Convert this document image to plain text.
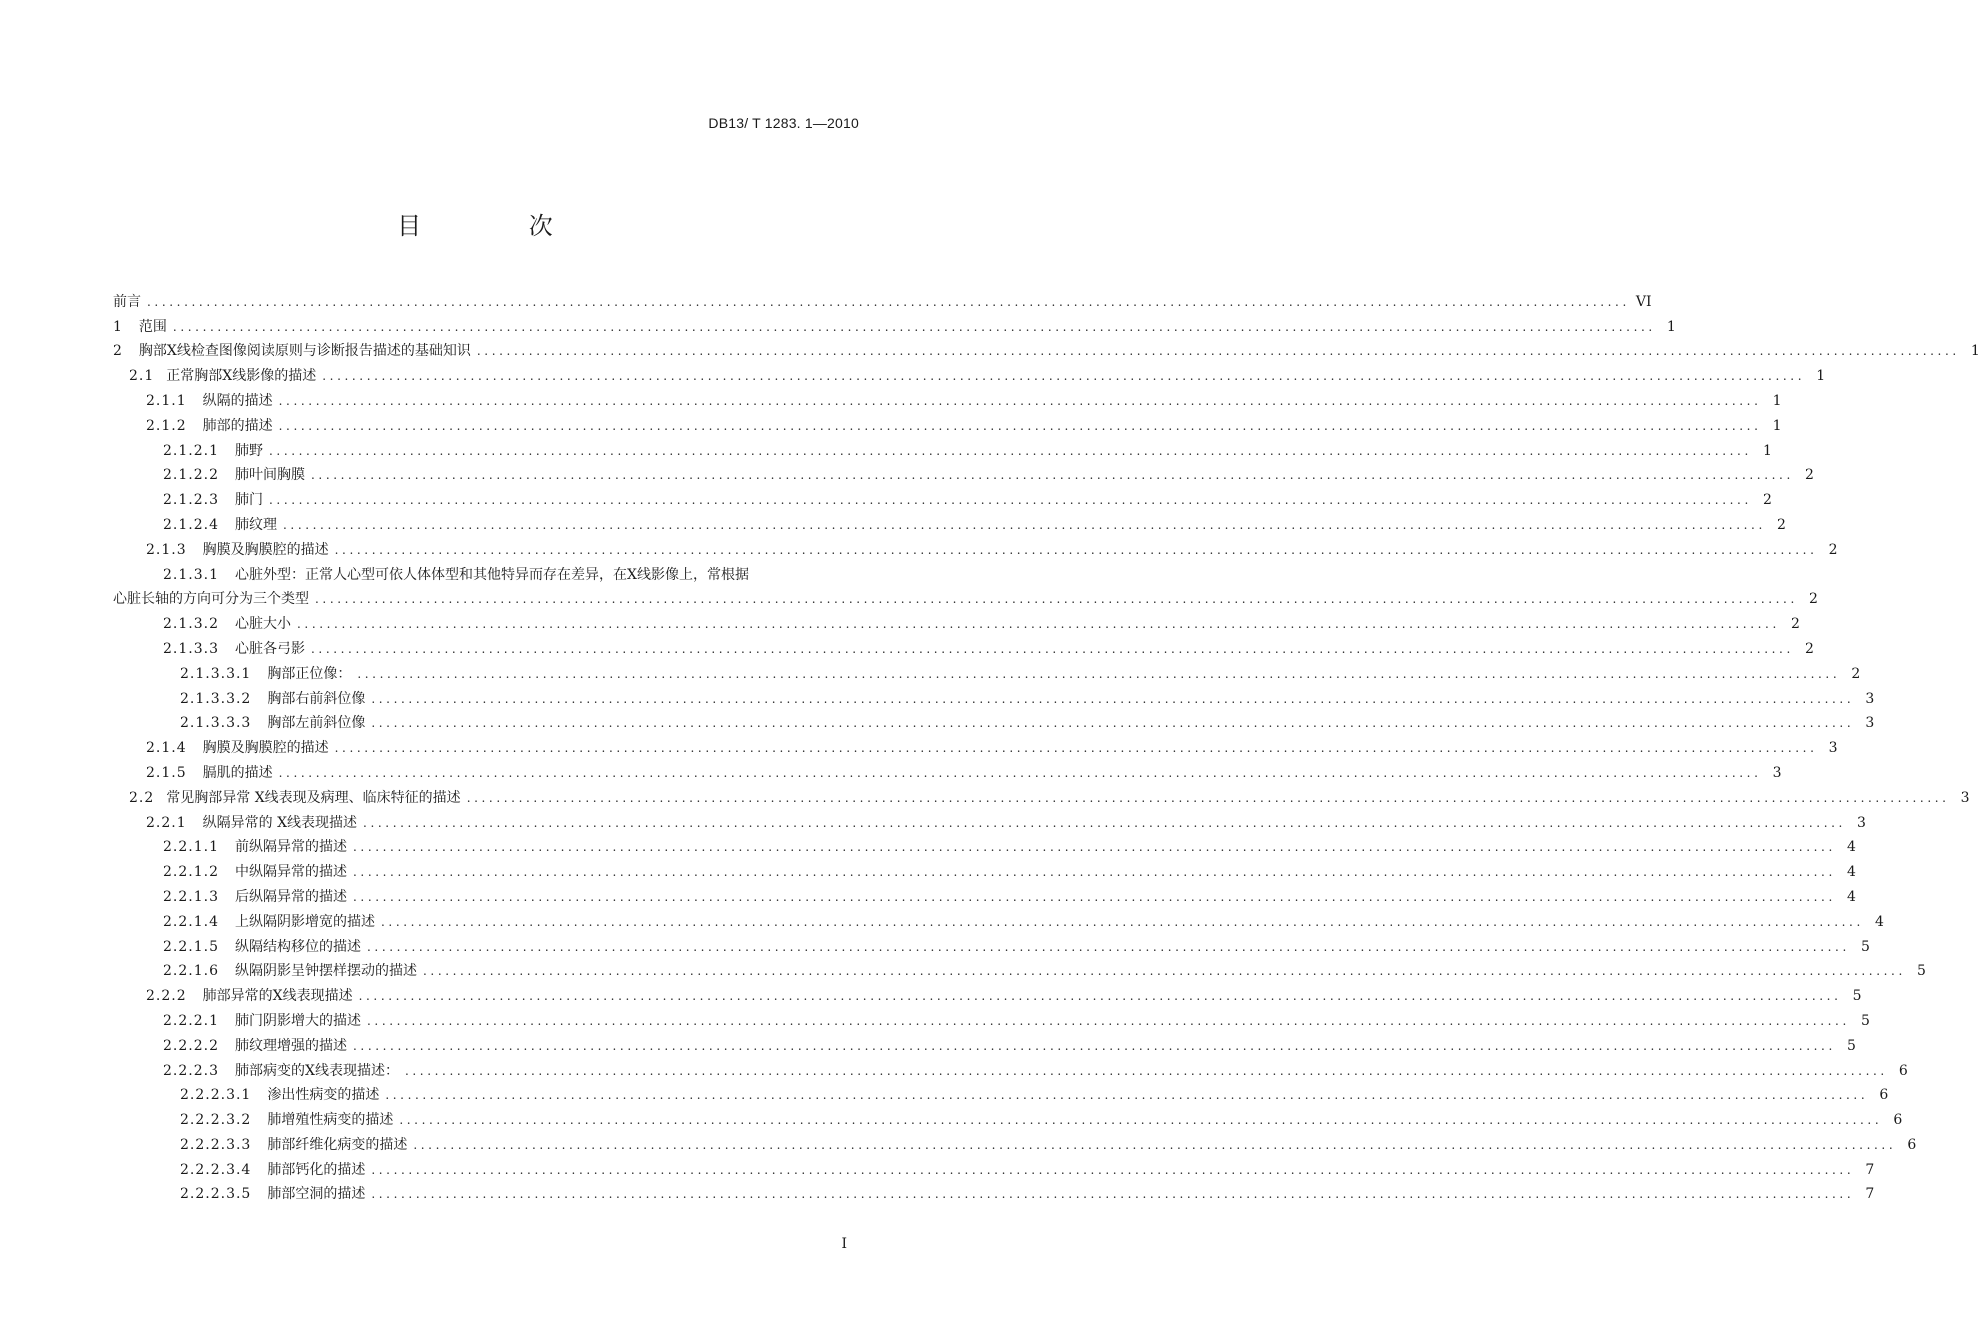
DB13/ T 1283. 1—2010
目 次
前言 ........................................................................................................................................................................................................ VI
1 范围 ........................................................................................................................................................................................................ 1
2 胸部X线检查图像阅读原则与诊断报告描述的基础知识 ........................................................................................................................................................................................................ 1
2.1 正常胸部X线影像的描述 ........................................................................................................................................................................................................ 1
2.1.1 纵隔的描述 ........................................................................................................................................................................................................ 1
2.1.2 肺部的描述 ........................................................................................................................................................................................................ 1
2.1.2.1 肺野 ........................................................................................................................................................................................................ 1
2.1.2.2 肺叶间胸膜 ........................................................................................................................................................................................................ 2
2.1.2.3 肺门 ........................................................................................................................................................................................................ 2
2.1.2.4 肺纹理 ........................................................................................................................................................................................................ 2
2.1.3 胸膜及胸膜腔的描述 ........................................................................................................................................................................................................ 2
2.1.3.1 心脏外型：正常人心型可依人体体型和其他特异而存在差异，在X线影像上，常根据
心脏长轴的方向可分为三个类型 ........................................................................................................................................................................................................ 2
2.1.3.2 心脏大小 ........................................................................................................................................................................................................ 2
2.1.3.3 心脏各弓影 ........................................................................................................................................................................................................ 2
2.1.3.3.1 胸部正位像： ........................................................................................................................................................................................................ 2
2.1.3.3.2 胸部右前斜位像 ........................................................................................................................................................................................................ 3
2.1.3.3.3 胸部左前斜位像 ........................................................................................................................................................................................................ 3
2.1.4 胸膜及胸膜腔的描述 ........................................................................................................................................................................................................ 3
2.1.5 膈肌的描述 ........................................................................................................................................................................................................ 3
2.2 常见胸部异常 X线表现及病理、临床特征的描述 ........................................................................................................................................................................................................ 3
2.2.1 纵隔异常的 X线表现描述 ........................................................................................................................................................................................................ 3
2.2.1.1 前纵隔异常的描述 ........................................................................................................................................................................................................ 4
2.2.1.2 中纵隔异常的描述 ........................................................................................................................................................................................................ 4
2.2.1.3 后纵隔异常的描述 ........................................................................................................................................................................................................ 4
2.2.1.4 上纵隔阴影增宽的描述 ........................................................................................................................................................................................................ 4
2.2.1.5 纵隔结构移位的描述 ........................................................................................................................................................................................................ 5
2.2.1.6 纵隔阴影呈钟摆样摆动的描述 ........................................................................................................................................................................................................ 5
2.2.2 肺部异常的X线表现描述 ........................................................................................................................................................................................................ 5
2.2.2.1 肺门阴影增大的描述 ........................................................................................................................................................................................................ 5
2.2.2.2 肺纹理增强的描述 ........................................................................................................................................................................................................ 5
2.2.2.3 肺部病变的X线表现描述： ........................................................................................................................................................................................................ 6
2.2.2.3.1 渗出性病变的描述 ........................................................................................................................................................................................................ 6
2.2.2.3.2 肺增殖性病变的描述 ........................................................................................................................................................................................................ 6
2.2.2.3.3 肺部纤维化病变的描述 ........................................................................................................................................................................................................ 6
2.2.2.3.4 肺部钙化的描述 ........................................................................................................................................................................................................ 7
2.2.2.3.5 肺部空洞的描述 ........................................................................................................................................................................................................ 7
I
